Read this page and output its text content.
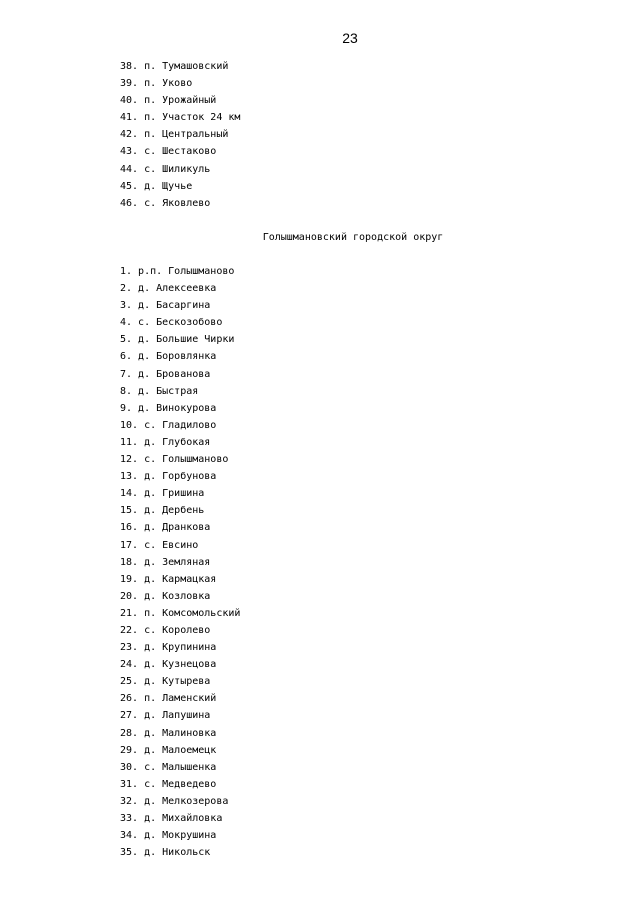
23
38. п. Тумашовский
39. п. Уково
40. п. Урожайный
41. п. Участок 24 км
42. п. Центральный
43. с. Шестаково
44. с. Шиликуль
45. д. Щучье
46. с. Яковлево
Голышмановский городской округ
1. р.п. Голышманово
2. д. Алексеевка
3. д. Басаргина
4. с. Бескозобово
5. д. Большие Чирки
6. д. Боровлянка
7. д. Брованова
8. д. Быстрая
9. д. Винокурова
10. с. Гладилово
11. д. Глубокая
12. с. Голышманово
13. д. Горбунова
14. д. Гришина
15. д. Дербень
16. д. Дранкова
17. с. Евсино
18. д. Земляная
19. д. Кармацкая
20. д. Козловка
21. п. Комсомольский
22. с. Королево
23. д. Крупинина
24. д. Кузнецова
25. д. Кутырева
26. п. Ламенский
27. д. Лапушина
28. д. Малиновка
29. д. Малоемецк
30. с. Малышенка
31. с. Медведево
32. д. Мелкозерова
33. д. Михайловка
34. д. Мокрушина
35. д. Никольск
